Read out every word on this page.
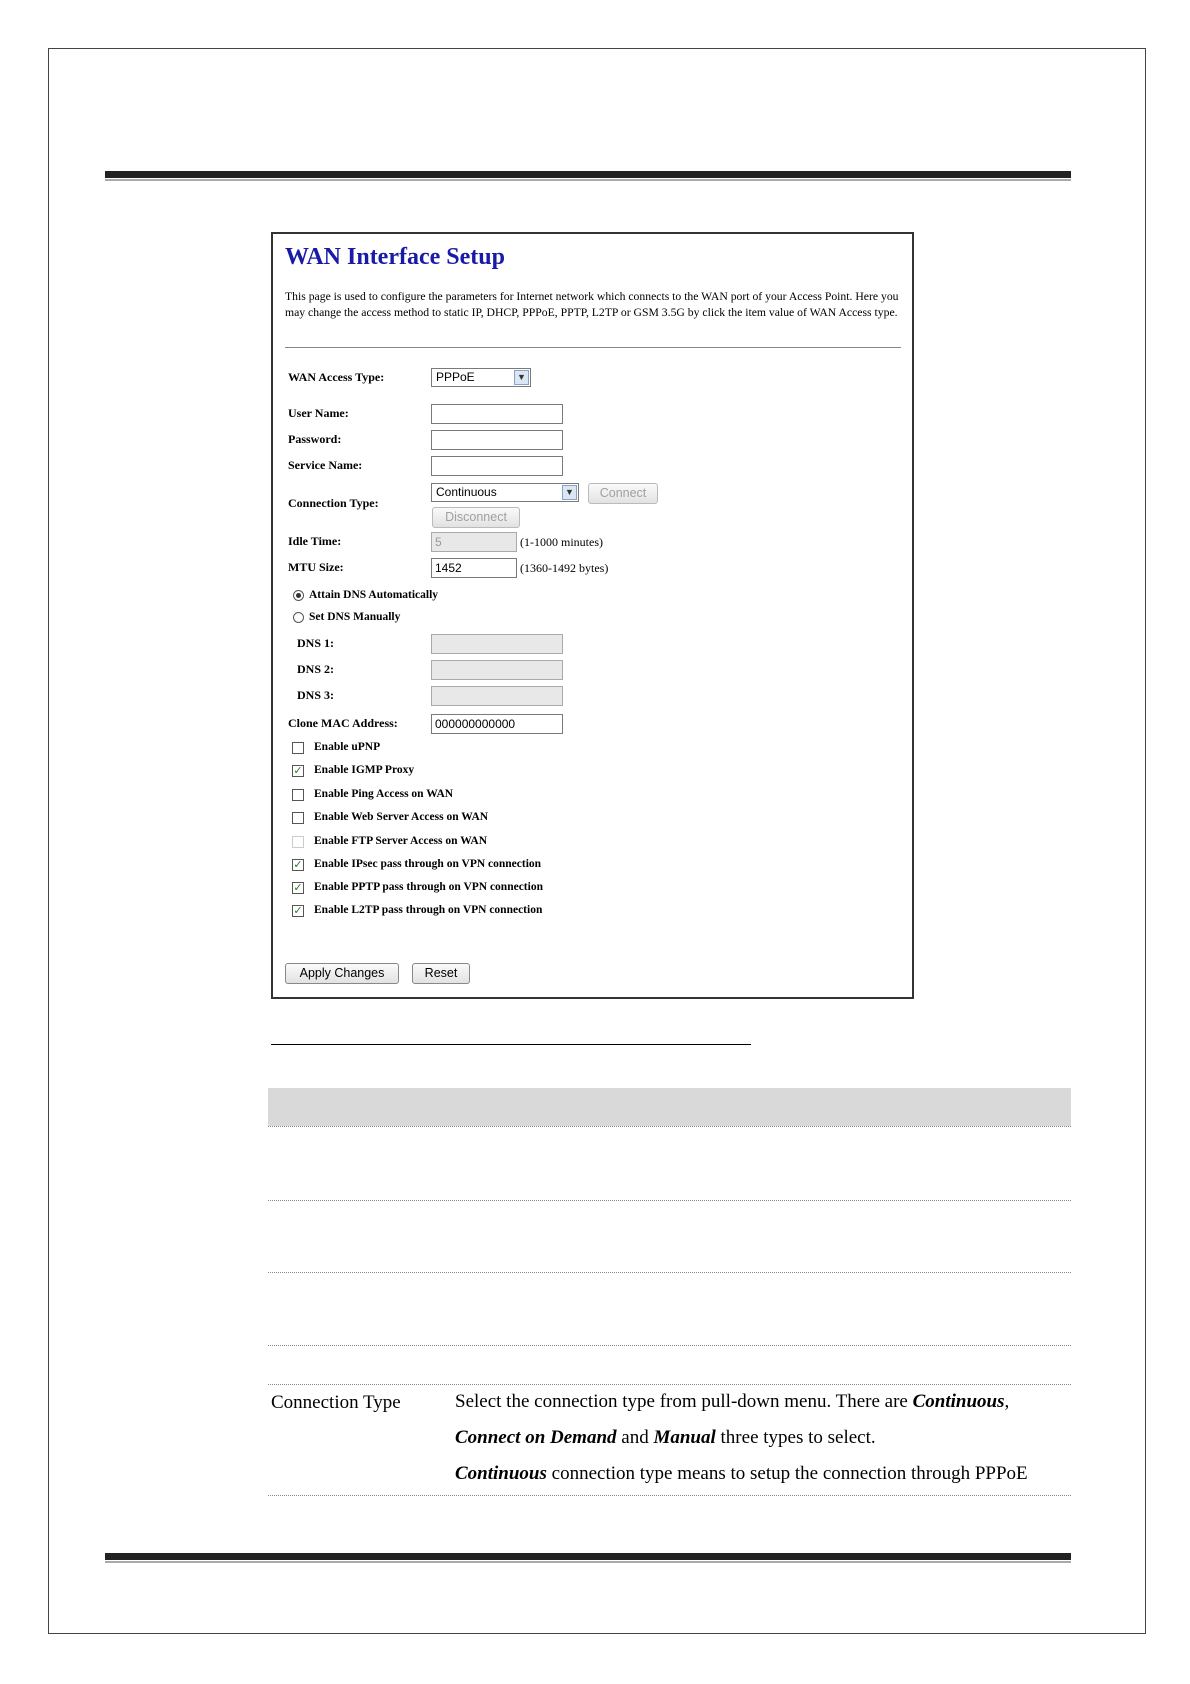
WAN Interface Setup
This page is used to configure the parameters for Internet network which connects to the WAN port of your Access Point. Here you may change the access method to static IP, DHCP, PPPoE, PPTP, L2TP or GSM 3.5G by click the item value of WAN Access type.
WAN Access Type:	PPPoE	▼
User Name:
Password:
Service Name:
Connection Type:
Continuous	▼	Connect
Disconnect
Idle Time:	5	(1-1000 minutes)
MTU Size:	1452	(1360-1492 bytes)
Attain DNS Automatically
Set DNS Manually
DNS 1:
DNS 2:
DNS 3:
Clone MAC Address:	000000000000
Enable uPNP
✓ Enable IGMP Proxy
Enable Ping Access on WAN
Enable Web Server Access on WAN
Enable FTP Server Access on WAN
✓ Enable IPsec pass through on VPN connection
✓ Enable PPTP pass through on VPN connection
✓ Enable L2TP pass through on VPN connection
Apply Changes	Reset
Connection Type	Select the connection type from pull-down menu. There are Continuous,
Connect on Demand and Manual three types to select.
Continuous connection type means to setup the connection through PPPoE
